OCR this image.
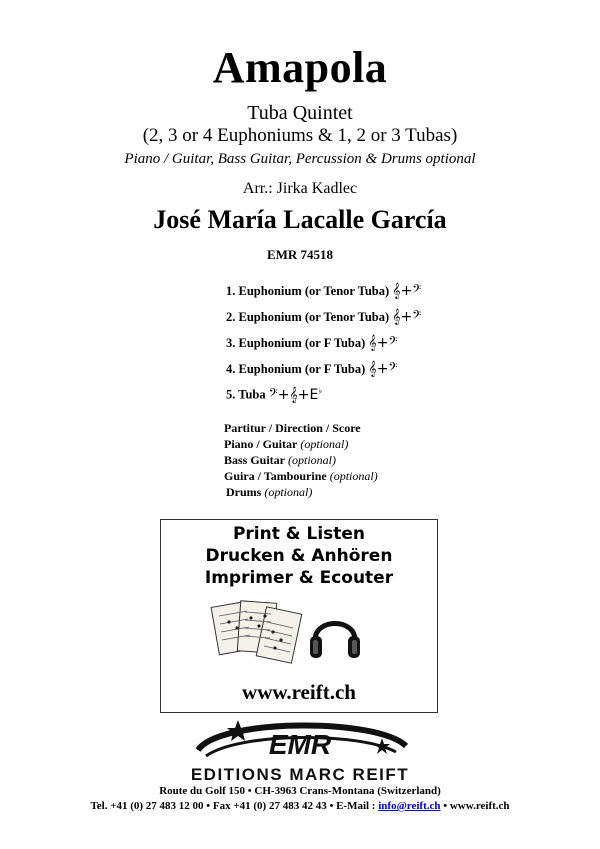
Amapola
Tuba Quintet
(2, 3 or 4 Euphoniums & 1, 2 or 3 Tubas)
Piano / Guitar, Bass Guitar, Percussion & Drums optional
Arr.: Jirka Kadlec
José María Lacalle García
EMR 74518
1. Euphonium (or Tenor Tuba) 𝄞+𝄢
2. Euphonium (or Tenor Tuba) 𝄞+𝄢
3. Euphonium (or F Tuba) 𝄞+𝄢
4. Euphonium (or F Tuba) 𝄞+𝄢
5. Tuba 𝄢+𝄞+E♭
Partitur / Direction / Score
Piano / Guitar (optional)
Bass Guitar (optional)
Guira / Tambourine (optional)
Drums (optional)
Print & Listen
Drucken & Anhören
Imprimer & Ecouter
www.reift.ch
EMR
EDITIONS MARC REIFT
Route du Golf 150 • CH-3963 Crans-Montana (Switzerland)
Tel. +41 (0) 27 483 12 00 • Fax +41 (0) 27 483 42 43 • E-Mail : info@reift.ch • www.reift.ch
